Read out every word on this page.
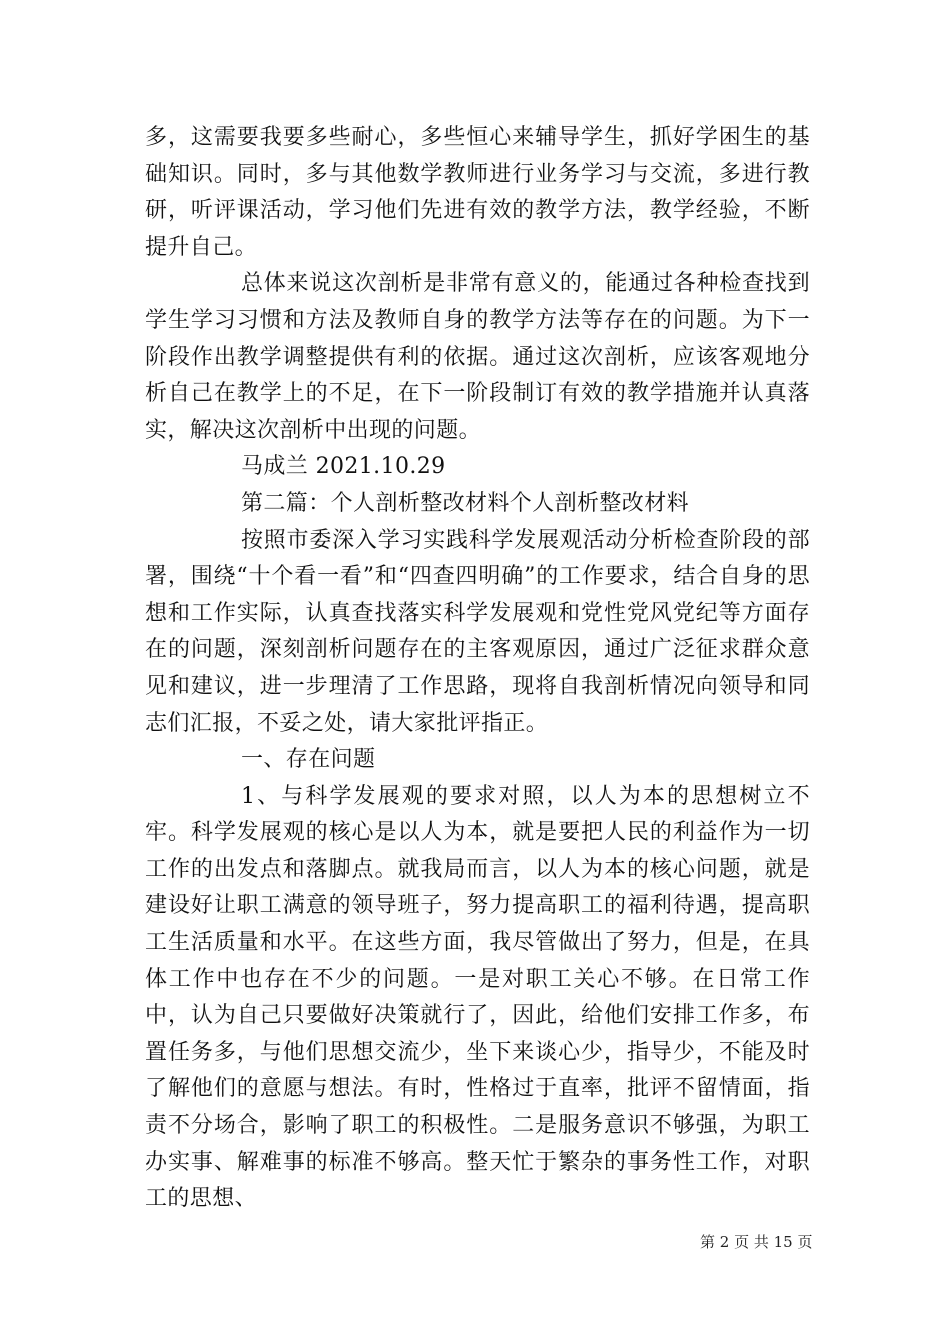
多，这需要我要多些耐心，多些恒心来辅导学生，抓好学困生的基础知识。同时，多与其他数学教师进行业务学习与交流，多进行教研，听评课活动，学习他们先进有效的教学方法，教学经验，不断提升自己。

总体来说这次剖析是非常有意义的，能通过各种检查找到学生学习习惯和方法及教师自身的教学方法等存在的问题。为下一阶段作出教学调整提供有利的依据。通过这次剖析，应该客观地分析自己在教学上的不足，在下一阶段制订有效的教学措施并认真落实，解决这次剖析中出现的问题。

马成兰 2021.10.29

第二篇：个人剖析整改材料个人剖析整改材料

按照市委深入学习实践科学发展观活动分析检查阶段的部署，围绕“十个看一看”和“四查四明确”的工作要求，结合自身的思想和工作实际，认真查找落实科学发展观和党性党风党纪等方面存在的问题，深刻剖析问题存在的主客观原因，通过广泛征求群众意见和建议，进一步理清了工作思路，现将自我剖析情况向领导和同志们汇报，不妥之处，请大家批评指正。

一、存在问题

1、与科学发展观的要求对照，以人为本的思想树立不牢。科学发展观的核心是以人为本，就是要把人民的利益作为一切工作的出发点和落脚点。就我局而言，以人为本的核心问题，就是建设好让职工满意的领导班子，努力提高职工的福利待遇，提高职工生活质量和水平。在这些方面，我尽管做出了努力，但是，在具体工作中也存在不少的问题。一是对职工关心不够。在日常工作中，认为自己只要做好决策就行了，因此，给他们安排工作多，布置任务多，与他们思想交流少，坐下来谈心少，指导少，不能及时了解他们的意愿与想法。有时，性格过于直率，批评不留情面，指责不分场合，影响了职工的积极性。二是服务意识不够强，为职工办实事、解难事的标准不够高。整天忙于繁杂的事务性工作，对职工的思想、

第 2 页 共 15 页
